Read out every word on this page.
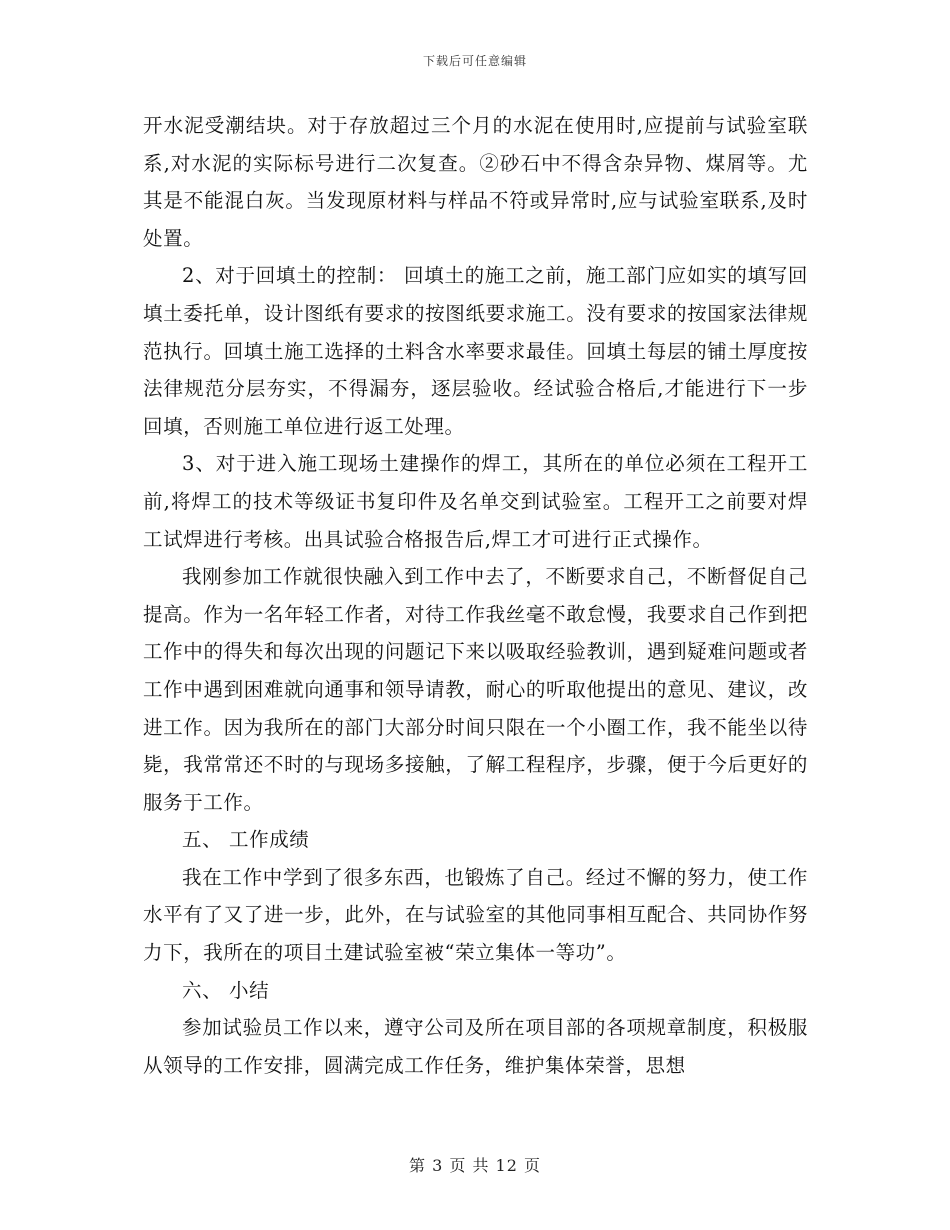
下载后可任意编辑

开水泥受潮结块。对于存放超过三个月的水泥在使用时,应提前与试验室联系,对水泥的实际标号进行二次复查。②砂石中不得含杂异物、煤屑等。尤其是不能混白灰。当发现原材料与样品不符或异常时,应与试验室联系,及时处置。

2、对于回填土的控制： 回填土的施工之前，施工部门应如实的填写回填土委托单，设计图纸有要求的按图纸要求施工。没有要求的按国家法律规范执行。回填土施工选择的土料含水率要求最佳。回填土每层的铺土厚度按法律规范分层夯实，不得漏夯，逐层验收。经试验合格后,才能进行下一步回填，否则施工单位进行返工处理。

3、对于进入施工现场土建操作的焊工，其所在的单位必须在工程开工前,将焊工的技术等级证书复印件及名单交到试验室。工程开工之前要对焊工试焊进行考核。出具试验合格报告后,焊工才可进行正式操作。

我刚参加工作就很快融入到工作中去了，不断要求自己，不断督促自己提高。作为一名年轻工作者，对待工作我丝毫不敢怠慢，我要求自己作到把工作中的得失和每次出现的问题记下来以吸取经验教训，遇到疑难问题或者工作中遇到困难就向通事和领导请教，耐心的听取他提出的意见、建议，改进工作。因为我所在的部门大部分时间只限在一个小圈工作，我不能坐以待毙，我常常还不时的与现场多接触，了解工程程序，步骤，便于今后更好的服务于工作。

五、 工作成绩

我在工作中学到了很多东西，也锻炼了自己。经过不懈的努力，使工作水平有了又了进一步，此外，在与试验室的其他同事相互配合、共同协作努力下，我所在的项目土建试验室被“荣立集体一等功”。

六、 小结

参加试验员工作以来，遵守公司及所在项目部的各项规章制度，积极服从领导的工作安排，圆满完成工作任务，维护集体荣誉，思想

第 3 页 共 12 页
